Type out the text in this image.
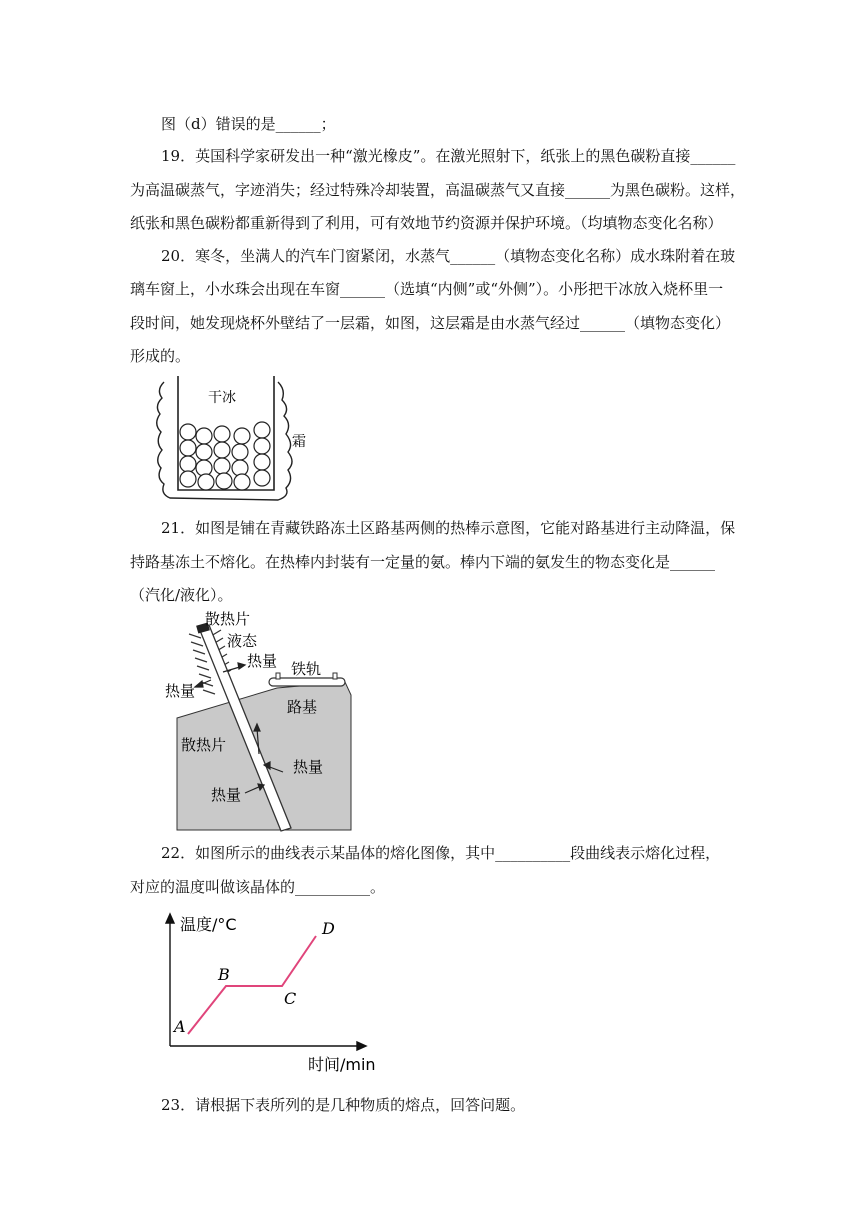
图（d）错误的是______；
19．英国科学家研发出一种“激光橡皮”。在激光照射下，纸张上的黑色碳粉直接______
为高温碳蒸气，字迹消失；经过特殊冷却装置，高温碳蒸气又直接______为黑色碳粉。这样，
纸张和黑色碳粉都重新得到了利用，可有效地节约资源并保护环境。（均填物态变化名称）
20．寒冬，坐满人的汽车门窗紧闭，水蒸气______（填物态变化名称）成水珠附着在玻
璃车窗上，小水珠会出现在车窗______（选填“内侧”或“外侧”）。小彤把干冰放入烧杯里一
段时间，她发现烧杯外壁结了一层霜，如图，这层霜是由水蒸气经过______（填物态变化）
形成的。
干冰
霜
21．如图是铺在青藏铁路冻土区路基两侧的热棒示意图，它能对路基进行主动降温，保
持路基冻土不熔化。在热棒内封装有一定量的氨。棒内下端的氨发生的物态变化是______
（汽化/液化）。
散热片
液态
热量 铁轨
热量
路基
散热片
热量
热量
22．如图所示的曲线表示某晶体的熔化图像，其中__________段曲线表示熔化过程，
对应的温度叫做该晶体的__________。
温度/°C
时间/min
A
B
C
D
23．请根据下表所列的是几种物质的熔点，回答问题。
